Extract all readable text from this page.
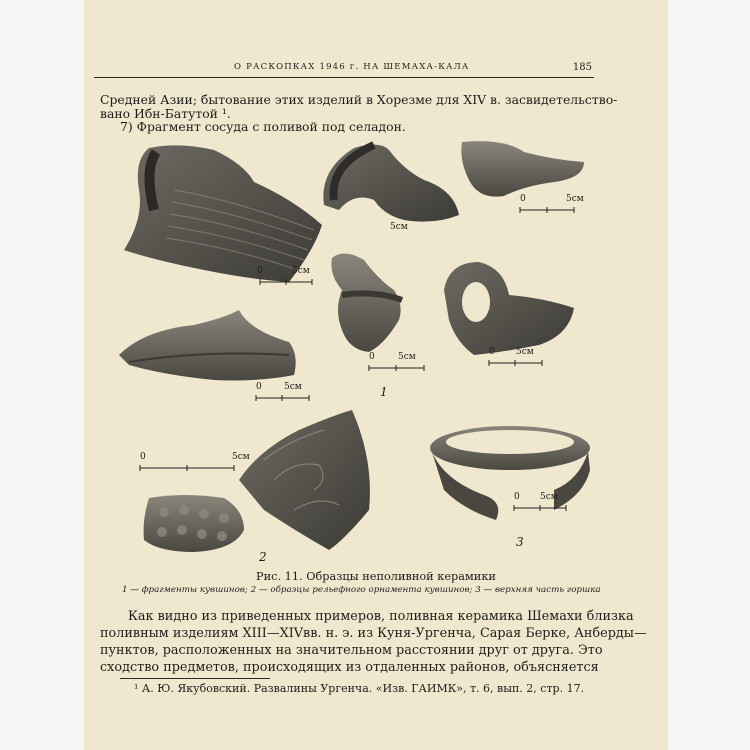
О РАСКОПКАХ 1946 г. НА ШЕМАХА-КАЛА	185
Средней Азии; бытование этих изделий в Хорезме для XIV в. засвидетельство-
вано Ибн-Батутой ¹.
7) Фрагмент сосуда с поливой под селадон.
0	5см
0	5см
5см
0	5см	0 5см
0 5см
0	5см
0 5см
1
2
3
Рис. 11. Образцы неполивной керамики
1 — фрагменты кувшинов; 2 — образцы рельефного орнамента кувшинов; 3 — верхняя часть горшка
Как видно из приведенных примеров, поливная керамика Шемахи близка
поливным изделиям XIII—XIVвв. н. э. из Куня-Ургенча, Сарая Берке, Анберды—
пунктов, расположенных на значительном расстоянии друг от друга. Это
сходство предметов, происходящих из отдаленных районов, объясняется
¹ А. Ю. Якубовский. Развалины Ургенча. «Изв. ГАИМК», т. 6, вып. 2, стр. 17.
